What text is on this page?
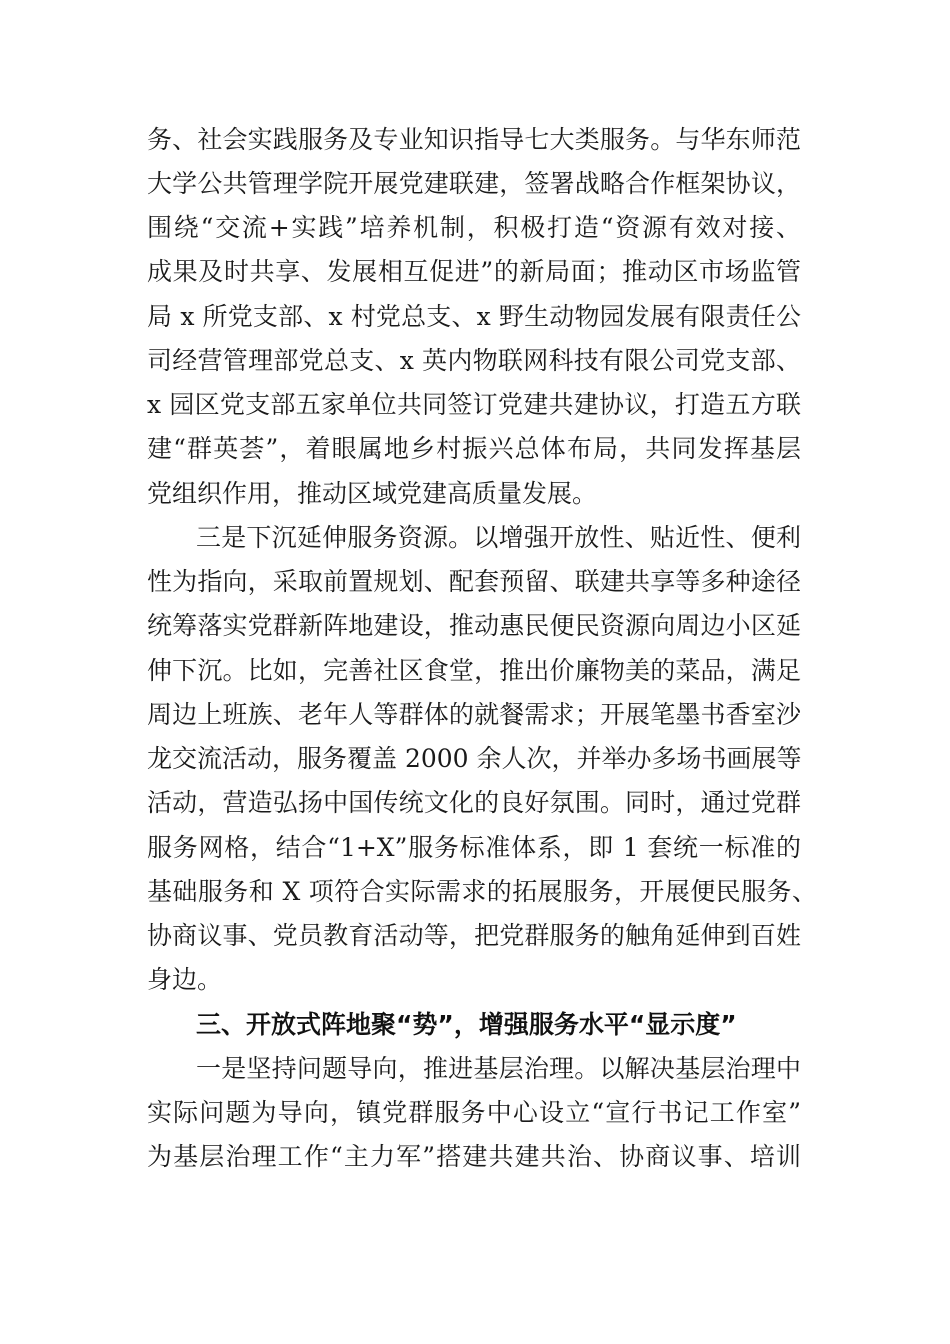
务、社会实践服务及专业知识指导七大类服务。与华东师范
大学公共管理学院开展党建联建，签署战略合作框架协议，
围绕“交流+实践”培养机制，积极打造“资源有效对接、
成果及时共享、发展相互促进”的新局面；推动区市场监管
局 x 所党支部、x 村党总支、x 野生动物园发展有限责任公
司经营管理部党总支、x 英内物联网科技有限公司党支部、
x 园区党支部五家单位共同签订党建共建协议，打造五方联
建“群英荟”，着眼属地乡村振兴总体布局，共同发挥基层
党组织作用，推动区域党建高质量发展。
三是下沉延伸服务资源。以增强开放性、贴近性、便利
性为指向，采取前置规划、配套预留、联建共享等多种途径
统筹落实党群新阵地建设，推动惠民便民资源向周边小区延
伸下沉。比如，完善社区食堂，推出价廉物美的菜品，满足
周边上班族、老年人等群体的就餐需求；开展笔墨书香室沙
龙交流活动，服务覆盖 2000 余人次，并举办多场书画展等
活动，营造弘扬中国传统文化的良好氛围。同时，通过党群
服务网格，结合“1+X”服务标准体系，即 1 套统一标准的
基础服务和 X 项符合实际需求的拓展服务，开展便民服务、
协商议事、党员教育活动等，把党群服务的触角延伸到百姓
身边。
三、开放式阵地聚“势”，增强服务水平“显示度”
一是坚持问题导向，推进基层治理。以解决基层治理中
实际问题为导向，镇党群服务中心设立“宣行书记工作室”
为基层治理工作“主力军”搭建共建共治、协商议事、培训
